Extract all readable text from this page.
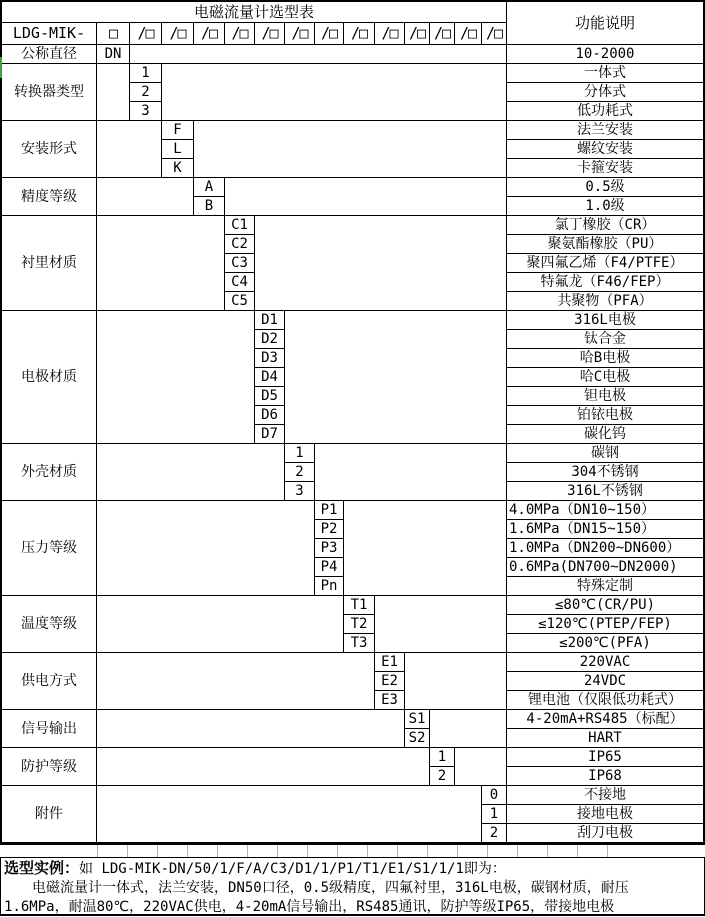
电磁流量计选型表
功能说明
LDG-MIK-	□	/□	/□	/□ /□ /□ /□ /□ /□ /□ /□ /□ /□ /□
公称直径	DN	10-2000
转换器类型
1	一体式
2	分体式
3	低功耗式
安装形式
F	法兰安装
L	螺纹安装
K	卡箍安装
精度等级
A	0.5级
B	1.0级
衬里材质
C1	氯丁橡胶（CR）
C2	聚氨酯橡胶（PU）
C3	聚四氟乙烯（F4/PTFE）
C4	特氟龙（F46/FEP）
C5	共聚物（PFA）
电极材质
D1	316L电极
D2	钛合金
D3	哈B电极
D4	哈C电极
D5	钽电极
D6	铂铱电极
D7	碳化钨
外壳材质
1	碳钢
2	304不锈钢
3	316L不锈钢
压力等级
P1	4.0MPa（DN10~150）
P2	1.6MPa（DN15~150）
P3	1.0MPa（DN200~DN600）
P4	0.6MPa(DN700~DN2000)
Pn	特殊定制
温度等级
T1	≤80℃(CR/PU)
T2	≤120℃(PTEP/FEP)
T3	≤200℃(PFA)
供电方式
E1	220VAC
E2	24VDC
E3	锂电池（仅限低功耗式）
信号输出
S1	4-20mA+RS485（标配）
S2	HART
防护等级
1	IP65
2	IP68
附件
0	不接地
1	接地电极
2	刮刀电极
选型实例：如 LDG-MIK-DN/50/1/F/A/C3/D1/1/P1/T1/E1/S1/1/1即为：
电磁流量计一体式，法兰安装，DN50口径，0.5级精度，四氟衬里，316L电极，碳钢材质，耐压
1.6MPa，耐温80℃，220VAC供电，4-20mA信号输出，RS485通讯，防护等级IP65，带接地电极
